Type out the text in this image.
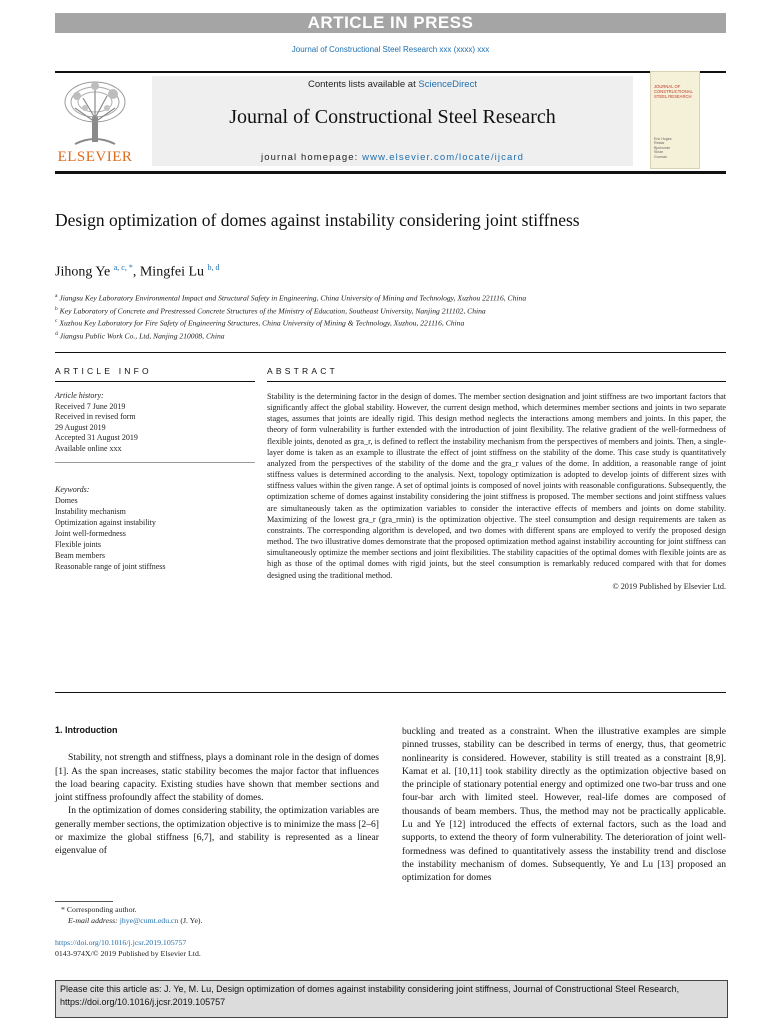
ARTICLE IN PRESS
Journal of Constructional Steel Research xxx (xxxx) xxx
ELSEVIER
Contents lists available at ScienceDirect
Journal of Constructional Steel Research
journal homepage: www.elsevier.com/locate/ijcard
JOURNAL OF CONSTRUCTIONAL STEEL RESEARCH
Eric Huges Reidar Bjorhovde Sinan Gurman
Design optimization of domes against instability considering joint stiffness
Jihong Ye $^{a, c, *}$, Mingfei Lu $^{b, d}$
$^a$ Jiangsu Key Laboratory Environmental Impact and Structural Safety in Engineering, China University of Mining and Technology, Xuzhou 221116, China
$^b$ Key Laboratory of Concrete and Prestressed Concrete Structures of the Ministry of Education, Southeast University, Nanjing 211102, China
$^c$ Xuzhou Key Laboratory for Fire Safety of Engineering Structures, China University of Mining & Technology, Xuzhou, 221116, China
$^d$ Jiangsu Public Work Co., Ltd, Nanjing 210008, China
ARTICLE INFO	ABSTRACT
Article history:
Received 7 June 2019
Received in revised form
29 August 2019
Accepted 31 August 2019
Available online xxx
Keywords:
Domes
Instability mechanism
Optimization against instability
Joint well-formedness
Flexible joints
Beam members
Reasonable range of joint stiffness
Stability is the determining factor in the design of domes. The member section designation and joint stiffness are two important factors that significantly affect the global stability. However, the current design method, which determines member sections and joints in two separate stages, assumes that joints are ideally rigid. This design method neglects the interactions among members and joints. In this paper, the theory of form vulnerability is further extended with the introduction of joint flexibility. The relative gradient of the well-formedness of flexible joints, denoted as gra_r, is defined to reflect the instability mechanism from the perspectives of members and joints. Then, a single-layer dome is taken as an example to illustrate the effect of joint stiffness on the stability of the dome. This case study is quantitatively analyzed from the perspectives of the stability of the dome and the gra_r values of the dome. In addition, a reasonable range of joint stiffness values is determined according to the analysis. Next, topology optimization is adopted to develop joints of different sizes with stiffness values within the given range. A set of optimal joints is composed of novel joints with reasonable configurations. Subsequently, the optimization scheme of domes against instability considering the joint stiffness is proposed. The member sections and joint stiffness values are simultaneously taken as the optimization variables to consider the interactive effects of members and joints on dome stability. Maximizing of the lowest gra_r (gra_rmin) is the optimization objective. The steel consumption and design requirements are taken as constraints. The corresponding algorithm is developed, and two domes with different spans are employed to verify the proposed design method. The two illustrative domes demonstrate that the proposed optimization method against instability accounting for joint stiffness can simultaneously optimize the member sections and joint flexibilities. The stability capacities of the optimal domes with flexible joints are as high as those of the optimal domes with rigid joints, but the steel consumption is remarkably reduced compared with that for domes designed using the traditional method.
© 2019 Published by Elsevier Ltd.

1. Introduction

Stability, not strength and stiffness, plays a dominant role in the design of domes [1]. As the span increases, static stability becomes the major factor that influences the load bearing capacity. Existing studies have shown that member sections and joint stiffness profoundly affect the stability of domes.

In the optimization of domes considering stability, the optimization variables are generally member sections, the optimization objective is to minimize the mass [2–6] or maximize the global stiffness [6,7], and stability is represented as a linear eigenvalue of

buckling and treated as a constraint. When the illustrative examples are simple pinned trusses, stability can be described in terms of energy, thus, that geometric nonlinearity is considered. However, stability is still treated as a constraint [8,9]. Kamat et al. [10,11] took stability directly as the optimization objective based on the principle of stationary potential energy and optimized one two-bar truss and one four-bar arch with limited steel. However, real-life domes are composed of thousands of beam members. Thus, the method may not be practically applicable. Lu and Ye [12] introduced the effects of external factors, such as the load and supports, to extend the theory of form vulnerability. The deterioration of joint well-formedness was defined to quantitatively assess the instability trend and disclose the instability mechanism of domes. Subsequently, Ye and Lu [13] proposed an optimization for domes

* Corresponding author.
E-mail address: jhye@cumt.edu.cn (J. Ye).
https://doi.org/10.1016/j.jcsr.2019.105757
0143-974X/© 2019 Published by Elsevier Ltd.
Please cite this article as: J. Ye, M. Lu, Design optimization of domes against instability considering joint stiffness, Journal of Constructional Steel Research, https://doi.org/10.1016/j.jcsr.2019.105757
